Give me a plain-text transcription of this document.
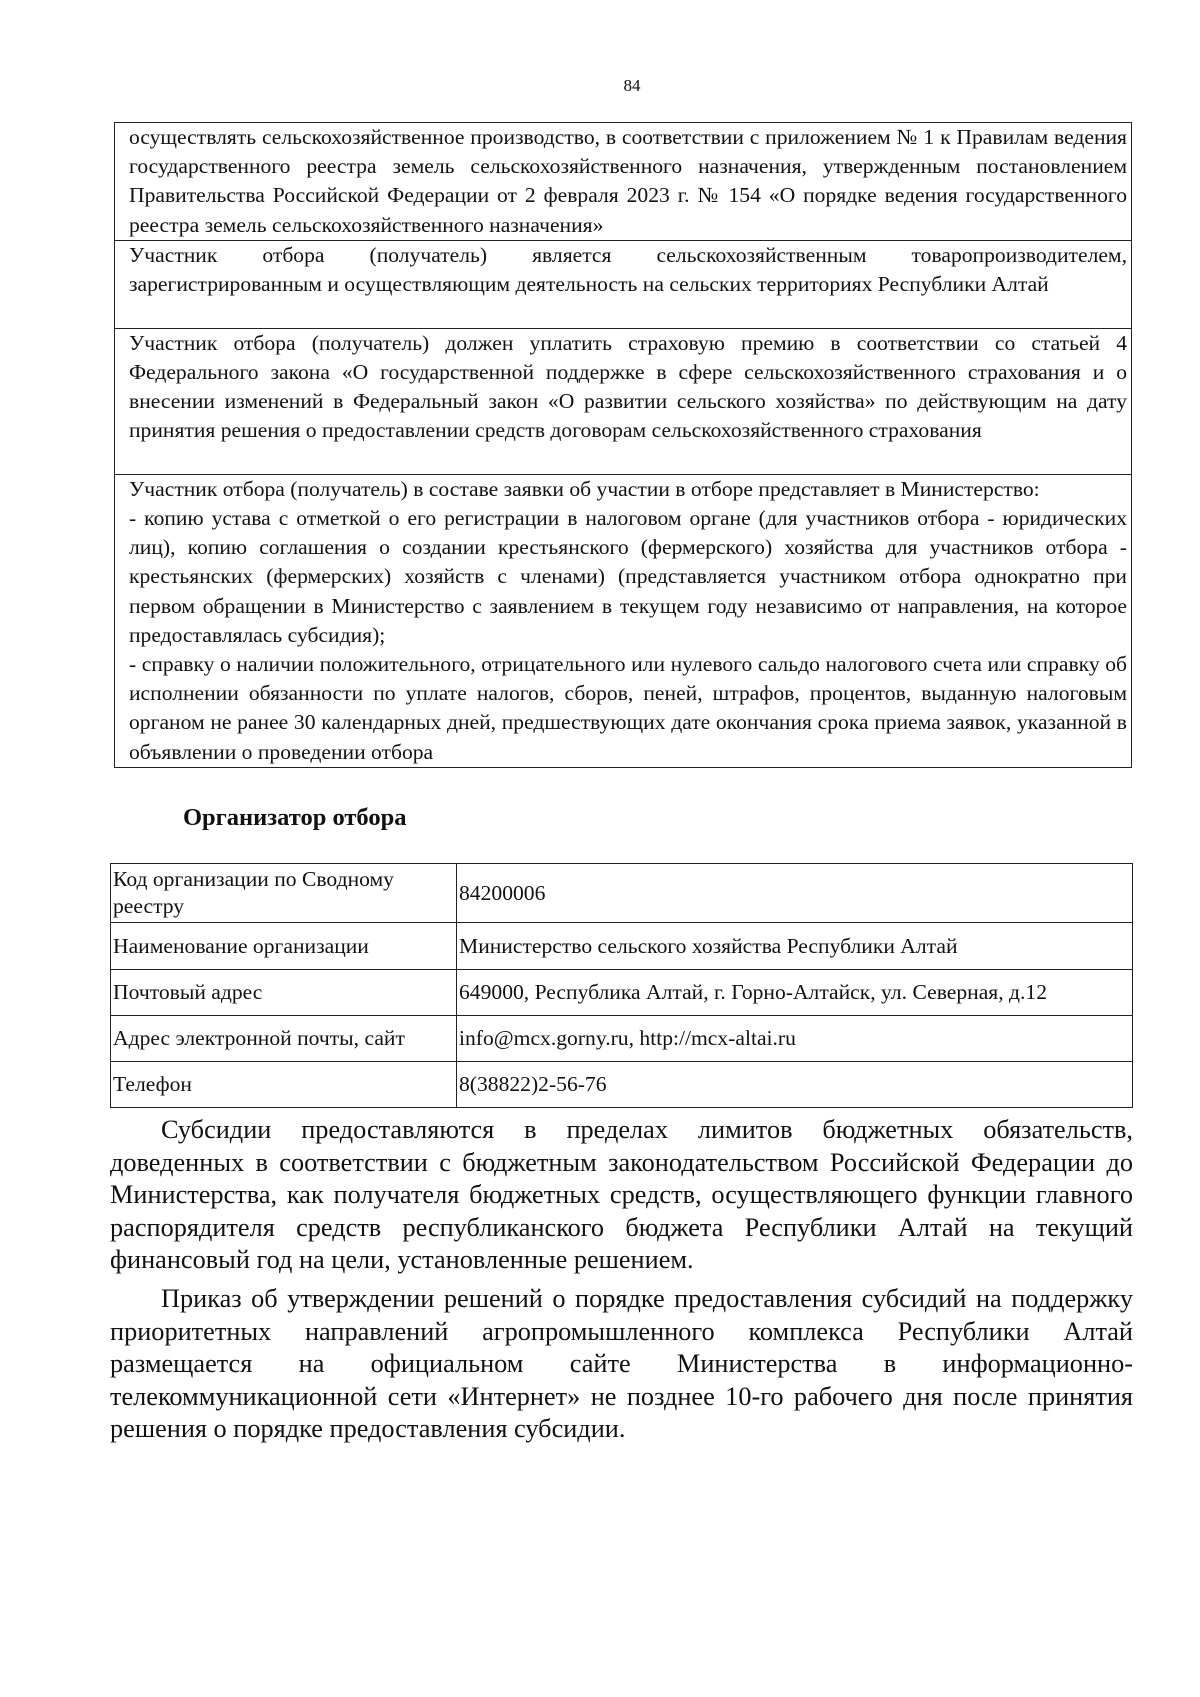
84

осуществлять сельскохозяйственное производство, в соответствии с приложением № 1 к Правилам ведения государственного реестра земель сельскохозяйственного назначения, утвержденным постановлением Правительства Российской Федерации от 2 февраля 2023 г. № 154 «О порядке ведения государственного реестра земель сельскохозяйственного назначения»

Участник отбора (получатель) является сельскохозяйственным товаропроизводителем, зарегистрированным и осуществляющим деятельность на сельских территориях Республики Алтай

Участник отбора (получатель) должен уплатить страховую премию в соответствии со статьей 4 Федерального закона «О государственной поддержке в сфере сельскохозяйственного страхования и о внесении изменений в Федеральный закон «О развитии сельского хозяйства» по действующим на дату принятия решения о предоставлении средств договорам сельскохозяйственного страхования

Участник отбора (получатель) в составе заявки об участии в отборе представляет в Министерство:

- копию устава с отметкой о его регистрации в налоговом органе (для участников отбора - юридических лиц), копию соглашения о создании крестьянского (фермерского) хозяйства для участников отбора - крестьянских (фермерских) хозяйств с членами) (представляется участником отбора однократно при первом обращении в Министерство с заявлением в текущем году независимо от направления, на которое предоставлялась субсидия);

- справку о наличии положительного, отрицательного или нулевого сальдо налогового счета или справку об исполнении обязанности по уплате налогов, сборов, пеней, штрафов, процентов, выданную налоговым органом не ранее 30 календарных дней, предшествующих дате окончания срока приема заявок, указанной в объявлении о проведении отбора

Организатор отбора
Код организации по Сводному реестру	84200006
Наименование организации	Министерство сельского хозяйства Республики Алтай
Почтовый адрес	649000, Республика Алтай, г. Горно-Алтайск, ул. Северная, д.12
Адрес электронной почты, сайт	info@mcx.gorny.ru, http://mcx-altai.ru
Телефон	8(38822)2-56-76

Субсидии предоставляются в пределах лимитов бюджетных обязательств, доведенных в соответствии с бюджетным законодательством Российской Федерации до Министерства, как получателя бюджетных средств, осуществляющего функции главного распорядителя средств республиканского бюджета Республики Алтай на текущий финансовый год на цели, установленные решением.

Приказ об утверждении решений о порядке предоставления субсидий на поддержку приоритетных направлений агропромышленного комплекса Республики Алтай размещается на официальном сайте Министерства в информационно-телекоммуникационной сети «Интернет» не позднее 10-го рабочего дня после принятия решения о порядке предоставления субсидии.
